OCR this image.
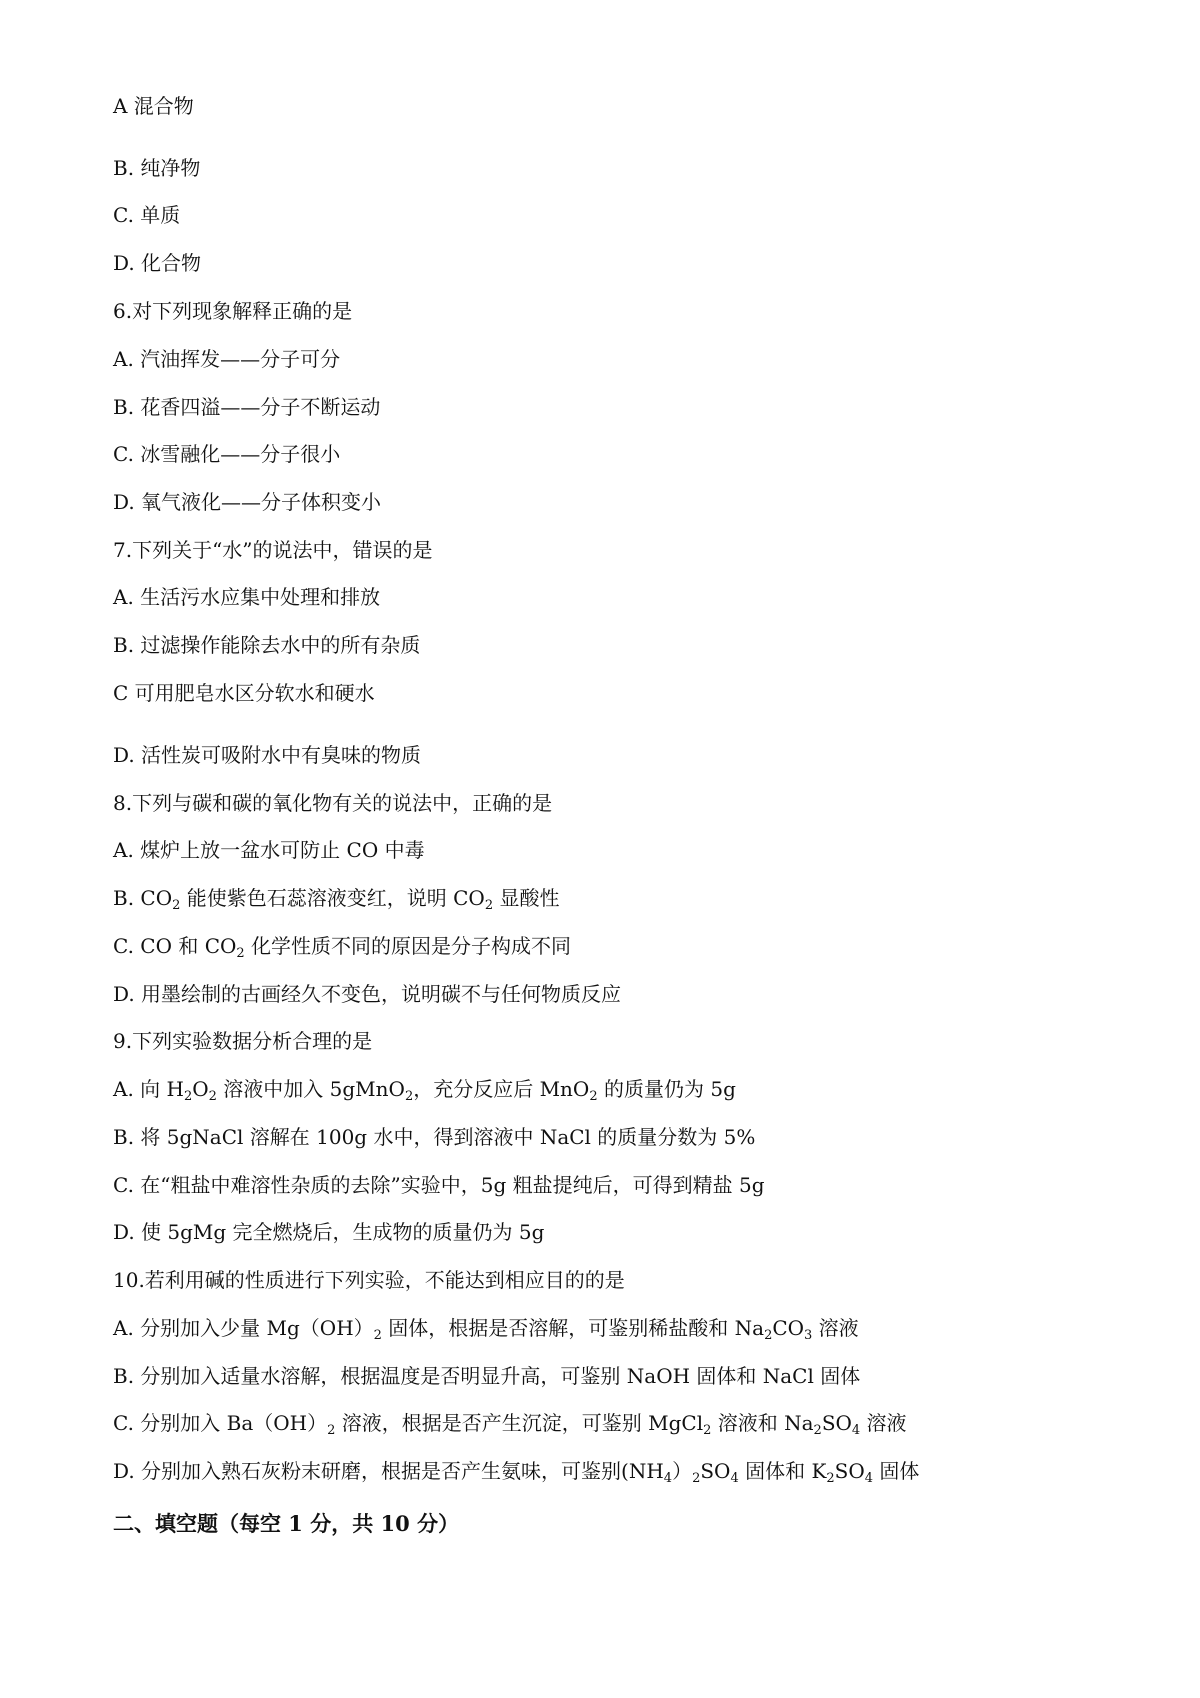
A 混合物
B. 纯净物
C. 单质
D. 化合物
6.对下列现象解释正确的是
A. 汽油挥发——分子可分
B. 花香四溢——分子不断运动
C. 冰雪融化——分子很小
D. 氧气液化——分子体积变小
7.下列关于“水”的说法中，错误的是
A. 生活污水应集中处理和排放
B. 过滤操作能除去水中的所有杂质
C 可用肥皂水区分软水和硬水
D. 活性炭可吸附水中有臭味的物质
8.下列与碳和碳的氧化物有关的说法中，正确的是
A. 煤炉上放一盆水可防止 CO 中毒
B. $CO_2$ 能使紫色石蕊溶液变红，说明 $CO_2$ 显酸性
C. CO 和 $CO_2$ 化学性质不同的原因是分子构成不同
D. 用墨绘制的古画经久不变色，说明碳不与任何物质反应
9.下列实验数据分析合理的是
A. 向 $H_2O_2$ 溶液中加入 5gMnO$_2$，充分反应后 MnO$_2$ 的质量仍为 5g
B. 将 5gNaCl 溶解在 100g 水中，得到溶液中 NaCl 的质量分数为 5%
C. 在“粗盐中难溶性杂质的去除”实验中，5g 粗盐提纯后，可得到精盐 5g
D. 使 5gMg 完全燃烧后，生成物的质量仍为 5g
10.若利用碱的性质进行下列实验，不能达到相应目的的是
A. 分别加入少量 $Mg(OH)_2$ 固体，根据是否溶解，可鉴别稀盐酸和 $Na_2CO_3$ 溶液
B. 分别加入适量水溶解，根据温度是否明显升高，可鉴别 NaOH 固体和 NaCl 固体
C. 分别加入 $Ba(OH)_2$ 溶液，根据是否产生沉淀，可鉴别 MgCl$_2$ 溶液和 $Na_2SO_4$ 溶液
D. 分别加入熟石灰粉末研磨，根据是否产生氨味，可鉴别$(NH_4)_2SO_4$ 固体和 $K_2SO_4$ 固体
二、填空题（每空 1 分，共 10 分）
